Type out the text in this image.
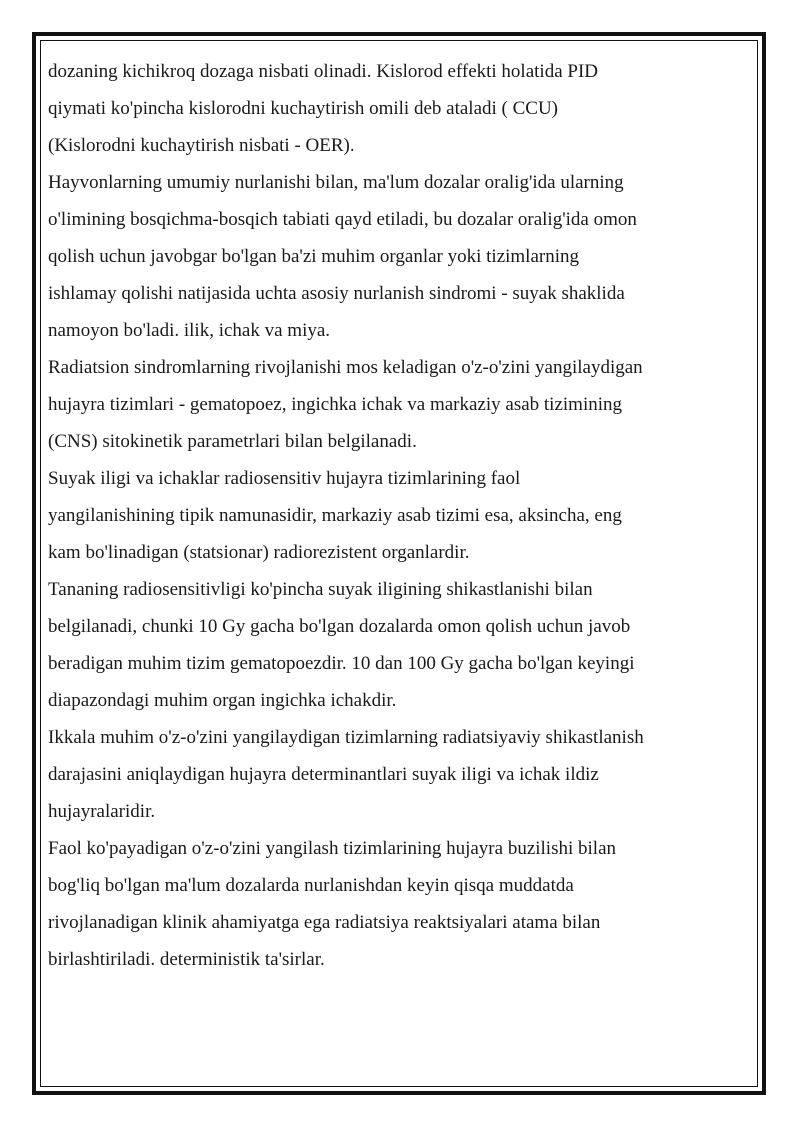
dozaning kichikroq dozaga nisbati olinadi. Kislorod effekti holatida PID
qiymati ko'pincha kislorodni kuchaytirish omili deb ataladi ( CCU)
(Kislorodni kuchaytirish nisbati - OER).
Hayvonlarning umumiy nurlanishi bilan, ma'lum dozalar oralig'ida ularning
o'limining bosqichma-bosqich tabiati qayd etiladi, bu dozalar oralig'ida omon
qolish uchun javobgar bo'lgan ba'zi muhim organlar yoki tizimlarning
ishlamay qolishi natijasida uchta asosiy nurlanish sindromi - suyak shaklida
namoyon bo'ladi. ilik, ichak va miya.
Radiatsion sindromlarning rivojlanishi mos keladigan o'z-o'zini yangilaydigan
hujayra tizimlari - gematopoez, ingichka ichak va markaziy asab tizimining
(CNS) sitokinetik parametrlari bilan belgilanadi.
Suyak iligi va ichaklar radiosensitiv hujayra tizimlarining faol
yangilanishining tipik namunasidir, markaziy asab tizimi esa, aksincha, eng
kam bo'linadigan (statsionar) radiorezistent organlardir.
Tananing radiosensitivligi ko'pincha suyak iligining shikastlanishi bilan
belgilanadi, chunki 10 Gy gacha bo'lgan dozalarda omon qolish uchun javob
beradigan muhim tizim gematopoezdir. 10 dan 100 Gy gacha bo'lgan keyingi
diapazondagi muhim organ ingichka ichakdir.
Ikkala muhim o'z-o'zini yangilaydigan tizimlarning radiatsiyaviy shikastlanish
darajasini aniqlaydigan hujayra determinantlari suyak iligi va ichak ildiz
hujayralaridir.
Faol ko'payadigan o'z-o'zini yangilash tizimlarining hujayra buzilishi bilan
bog'liq bo'lgan ma'lum dozalarda nurlanishdan keyin qisqa muddatda
rivojlanadigan klinik ahamiyatga ega radiatsiya reaktsiyalari atama bilan
birlashtiriladi. deterministik ta'sirlar.
